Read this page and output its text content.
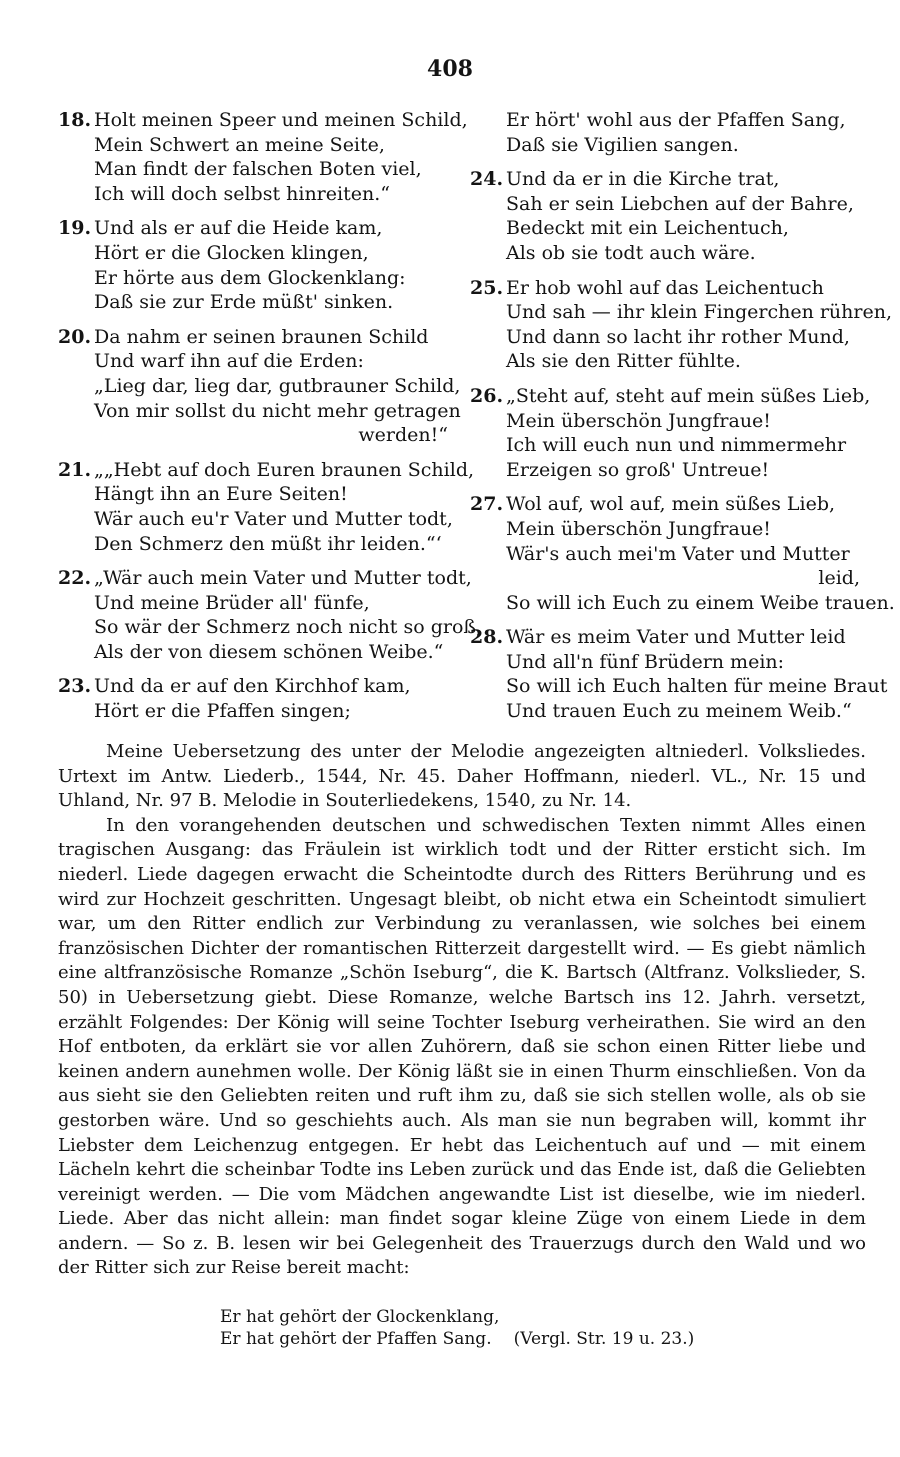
408
18. Holt meinen Speer und meinen Schild,
Mein Schwert an meine Seite,
Man findt der falschen Boten viel,
Ich will doch selbst hinreiten.“
19. Und als er auf die Heide kam,
Hört er die Glocken klingen,
Er hörte aus dem Glockenklang:
Daß sie zur Erde müßt' sinken.
20. Da nahm er seinen braunen Schild
Und warf ihn auf die Erden:
„Lieg dar, lieg dar, gutbrauner Schild,
Von mir sollst du nicht mehr getragen
werden!“
21. „„Hebt auf doch Euren braunen Schild,
Hängt ihn an Eure Seiten!
Wär auch eu'r Vater und Mutter todt,
Den Schmerz den müßt ihr leiden.“‘
22. „Wär auch mein Vater und Mutter todt,
Und meine Brüder all' fünfe,
So wär der Schmerz noch nicht so groß,
Als der von diesem schönen Weibe.“
23. Und da er auf den Kirchhof kam,
Hört er die Pfaffen singen;
Er hört' wohl aus der Pfaffen Sang,
Daß sie Vigilien sangen.
24. Und da er in die Kirche trat,
Sah er sein Liebchen auf der Bahre,
Bedeckt mit ein Leichentuch,
Als ob sie todt auch wäre.
25. Er hob wohl auf das Leichentuch
Und sah — ihr klein Fingerchen rühren,
Und dann so lacht ihr rother Mund,
Als sie den Ritter fühlte.
26. „Steht auf, steht auf mein süßes Lieb,
Mein überschön Jungfraue!
Ich will euch nun und nimmermehr
Erzeigen so groß' Untreue!
27. Wol auf, wol auf, mein süßes Lieb,
Mein überschön Jungfraue!
Wär's auch mei'm Vater und Mutter
leid,
So will ich Euch zu einem Weibe trauen.
28. Wär es meim Vater und Mutter leid
Und all'n fünf Brüdern mein:
So will ich Euch halten für meine Braut
Und trauen Euch zu meinem Weib.“

Meine Uebersetzung des unter der Melodie angezeigten altniederl. Volksliedes. Urtext im Antw. Liederb., 1544, Nr. 45. Daher Hoffmann, niederl. VL., Nr. 15 und Uhland, Nr. 97 B. Melodie in Souterliedekens, 1540, zu Nr. 14.

In den vorangehenden deutschen und schwedischen Texten nimmt Alles einen tragischen Ausgang: das Fräulein ist wirklich todt und der Ritter ersticht sich. Im niederl. Liede dagegen erwacht die Scheintodte durch des Ritters Berührung und es wird zur Hochzeit geschritten. Ungesagt bleibt, ob nicht etwa ein Scheintodt simuliert war, um den Ritter endlich zur Verbindung zu veranlassen, wie solches bei einem französischen Dichter der romantischen Ritterzeit dargestellt wird. — Es giebt nämlich eine altfranzösische Romanze „Schön Iseburg“, die K. Bartsch (Altfranz. Volkslieder, S. 50) in Uebersetzung giebt. Diese Romanze, welche Bartsch ins 12. Jahrh. versetzt, erzählt Folgendes: Der König will seine Tochter Iseburg verheirathen. Sie wird an den Hof entboten, da erklärt sie vor allen Zuhörern, daß sie schon einen Ritter liebe und keinen andern aunehmen wolle. Der König läßt sie in einen Thurm einschließen. Von da aus sieht sie den Geliebten reiten und ruft ihm zu, daß sie sich stellen wolle, als ob sie gestorben wäre. Und so geschiehts auch. Als man sie nun begraben will, kommt ihr Liebster dem Leichenzug entgegen. Er hebt das Leichentuch auf und — mit einem Lächeln kehrt die scheinbar Todte ins Leben zurück und das Ende ist, daß die Geliebten vereinigt werden. — Die vom Mädchen angewandte List ist dieselbe, wie im niederl. Liede. Aber das nicht allein: man findet sogar kleine Züge von einem Liede in dem andern. — So z. B. lesen wir bei Gelegenheit des Trauerzugs durch den Wald und wo der Ritter sich zur Reise bereit macht:

Er hat gehört der Glockenklang,
Er hat gehört der Pfaffen Sang. (Vergl. Str. 19 u. 23.)
